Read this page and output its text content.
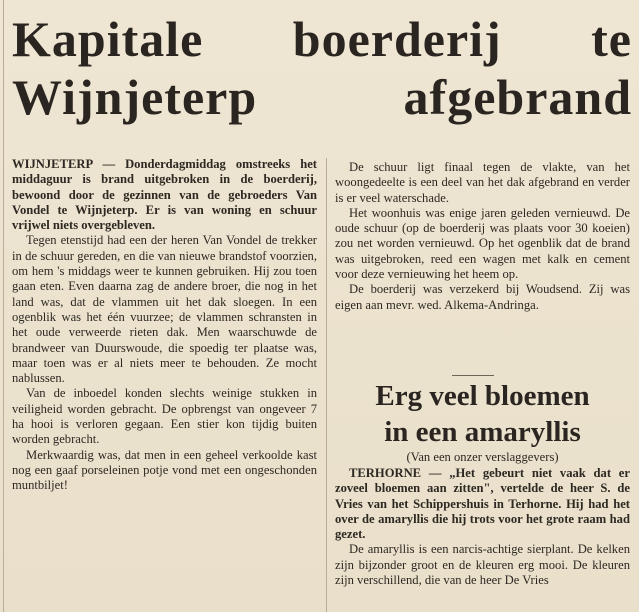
Kapitale boerderij te
Wijnjeterp afgebrand

WIJNJETERP — Donderdagmiddag omstreeks het middaguur is brand uitgebroken in de boerderij, bewoond door de gezinnen van de gebroeders Van Vondel te Wijnjeterp. Er is van woning en schuur vrijwel niets overgebleven.

Tegen etenstijd had een der heren Van Vondel de trekker in de schuur gereden, en die van nieuwe brandstof voorzien, om hem 's middags weer te kunnen gebruiken. Hij zou toen gaan eten. Even daarna zag de andere broer, die nog in het land was, dat de vlammen uit het dak sloegen. In een ogenblik was het één vuurzee; de vlammen schransten in het oude verweerde rieten dak. Men waarschuwde de brandweer van Duurswoude, die spoedig ter plaatse was, maar toen was er al niets meer te behouden. Ze mocht nablussen.

Van de inboedel konden slechts weinige stukken in veiligheid worden gebracht. De opbrengst van ongeveer 7 ha hooi is verloren gegaan. Een stier kon tijdig buiten worden gebracht.

Merkwaardig was, dat men in een geheel verkoolde kast nog een gaaf porseleinen potje vond met een ongeschonden muntbiljet!

De schuur ligt finaal tegen de vlakte, van het woongedeelte is een deel van het dak afgebrand en verder is er veel waterschade.

Het woonhuis was enige jaren geleden vernieuwd. De oude schuur (op de boerderij was plaats voor 30 koeien) zou net worden vernieuwd. Op het ogenblik dat de brand was uitgebroken, reed een wagen met kalk en cement voor deze vernieuwing het heem op.

De boerderij was verzekerd bij Woudsend. Zij was eigen aan mevr. wed. Alkema-Andringa.

Erg veel bloemen
in een amaryllis
(Van een onzer verslaggevers)

TERHORNE — „Het gebeurt niet vaak dat er zoveel bloemen aan zitten", vertelde de heer S. de Vries van het Schippershuis in Terhorne. Hij had het over de amaryllis die hij trots voor het grote raam had gezet.

De amaryllis is een narcis-achtige sierplant. De kelken zijn bijzonder groot en de kleuren erg mooi. De kleuren zijn verschillend, die van de heer De Vries
